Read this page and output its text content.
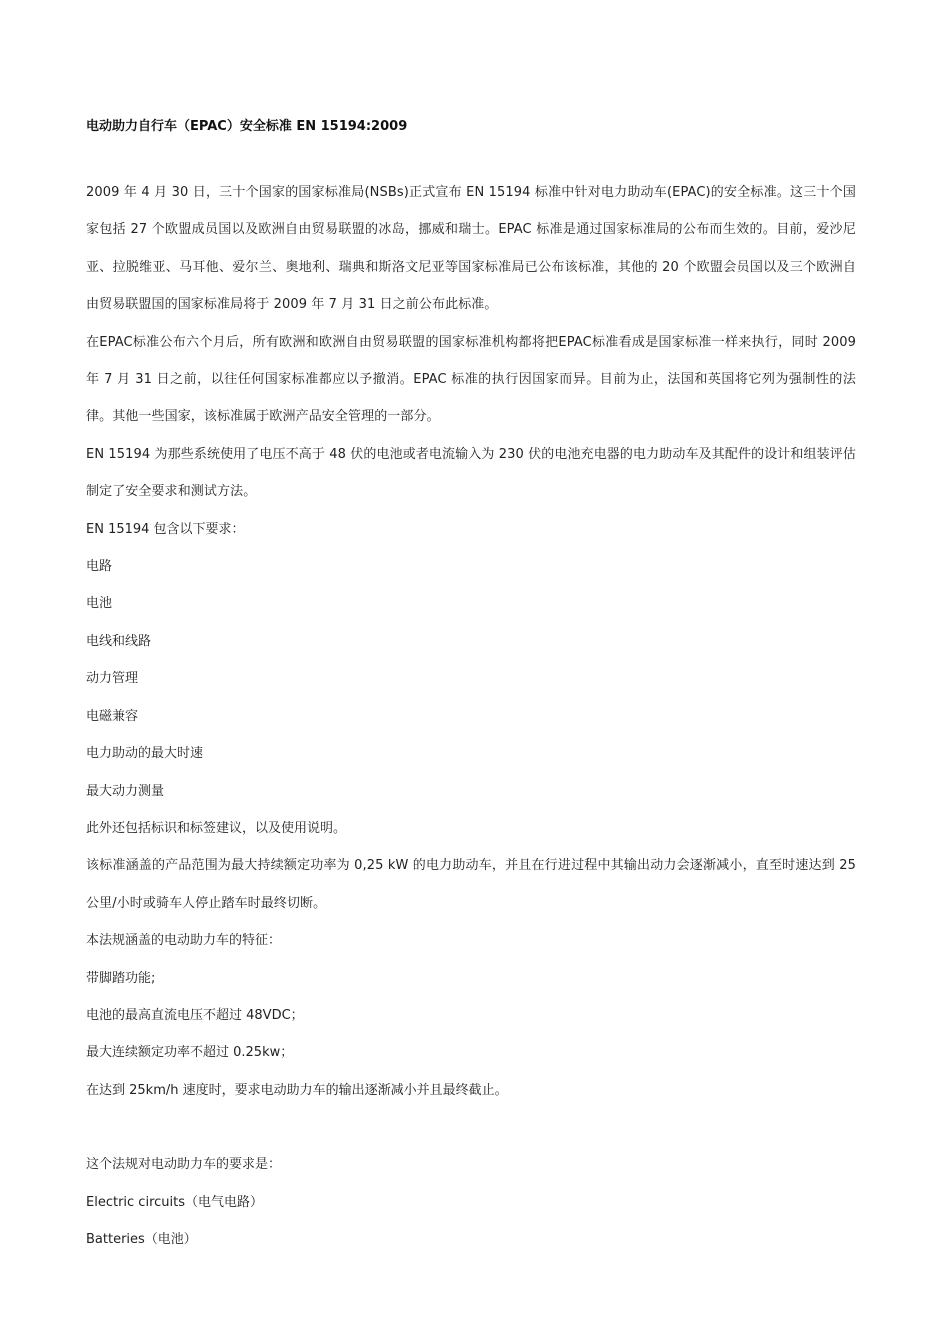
电动助力自行车（EPAC）安全标准 EN 15194:2009

2009 年 4 月 30 日，三十个国家的国家标准局(NSBs)正式宣布 EN 15194 标准中针对电力助动车(EPAC)的安全标准。这三十个国家包括 27 个欧盟成员国以及欧洲自由贸易联盟的冰岛，挪威和瑞士。EPAC 标准是通过国家标准局的公布而生效的。目前，爱沙尼亚、拉脱维亚、马耳他、爱尔兰、奥地利、瑞典和斯洛文尼亚等国家标准局已公布该标准，其他的 20 个欧盟会员国以及三个欧洲自由贸易联盟国的国家标准局将于 2009 年 7 月 31 日之前公布此标准。

在EPAC标准公布六个月后，所有欧洲和欧洲自由贸易联盟的国家标准机构都将把EPAC标准看成是国家标准一样来执行，同时 2009 年 7 月 31 日之前，以往任何国家标准都应以予撤消。EPAC 标准的执行因国家而异。目前为止，法国和英国将它列为强制性的法律。其他一些国家，该标准属于欧洲产品安全管理的一部分。

EN 15194 为那些系统使用了电压不高于 48 伏的电池或者电流输入为 230 伏的电池充电器的电力助动车及其配件的设计和组装评估制定了安全要求和测试方法。

EN 15194 包含以下要求：

电路

电池

电线和线路

动力管理

电磁兼容

电力助动的最大时速

最大动力测量

此外还包括标识和标签建议，以及使用说明。

该标准涵盖的产品范围为最大持续额定功率为 0,25 kW 的电力助动车，并且在行进过程中其输出动力会逐渐减小，直至时速达到 25 公里/小时或骑车人停止踏车时最终切断。

本法规涵盖的电动助力车的特征：

带脚踏功能;

电池的最高直流电压不超过 48VDC；

最大连续额定功率不超过 0.25kw；

在达到 25km/h 速度时，要求电动助力车的输出逐渐减小并且最终截止。

这个法规对电动助力车的要求是：

Electric circuits（电气电路）

Batteries（电池）
